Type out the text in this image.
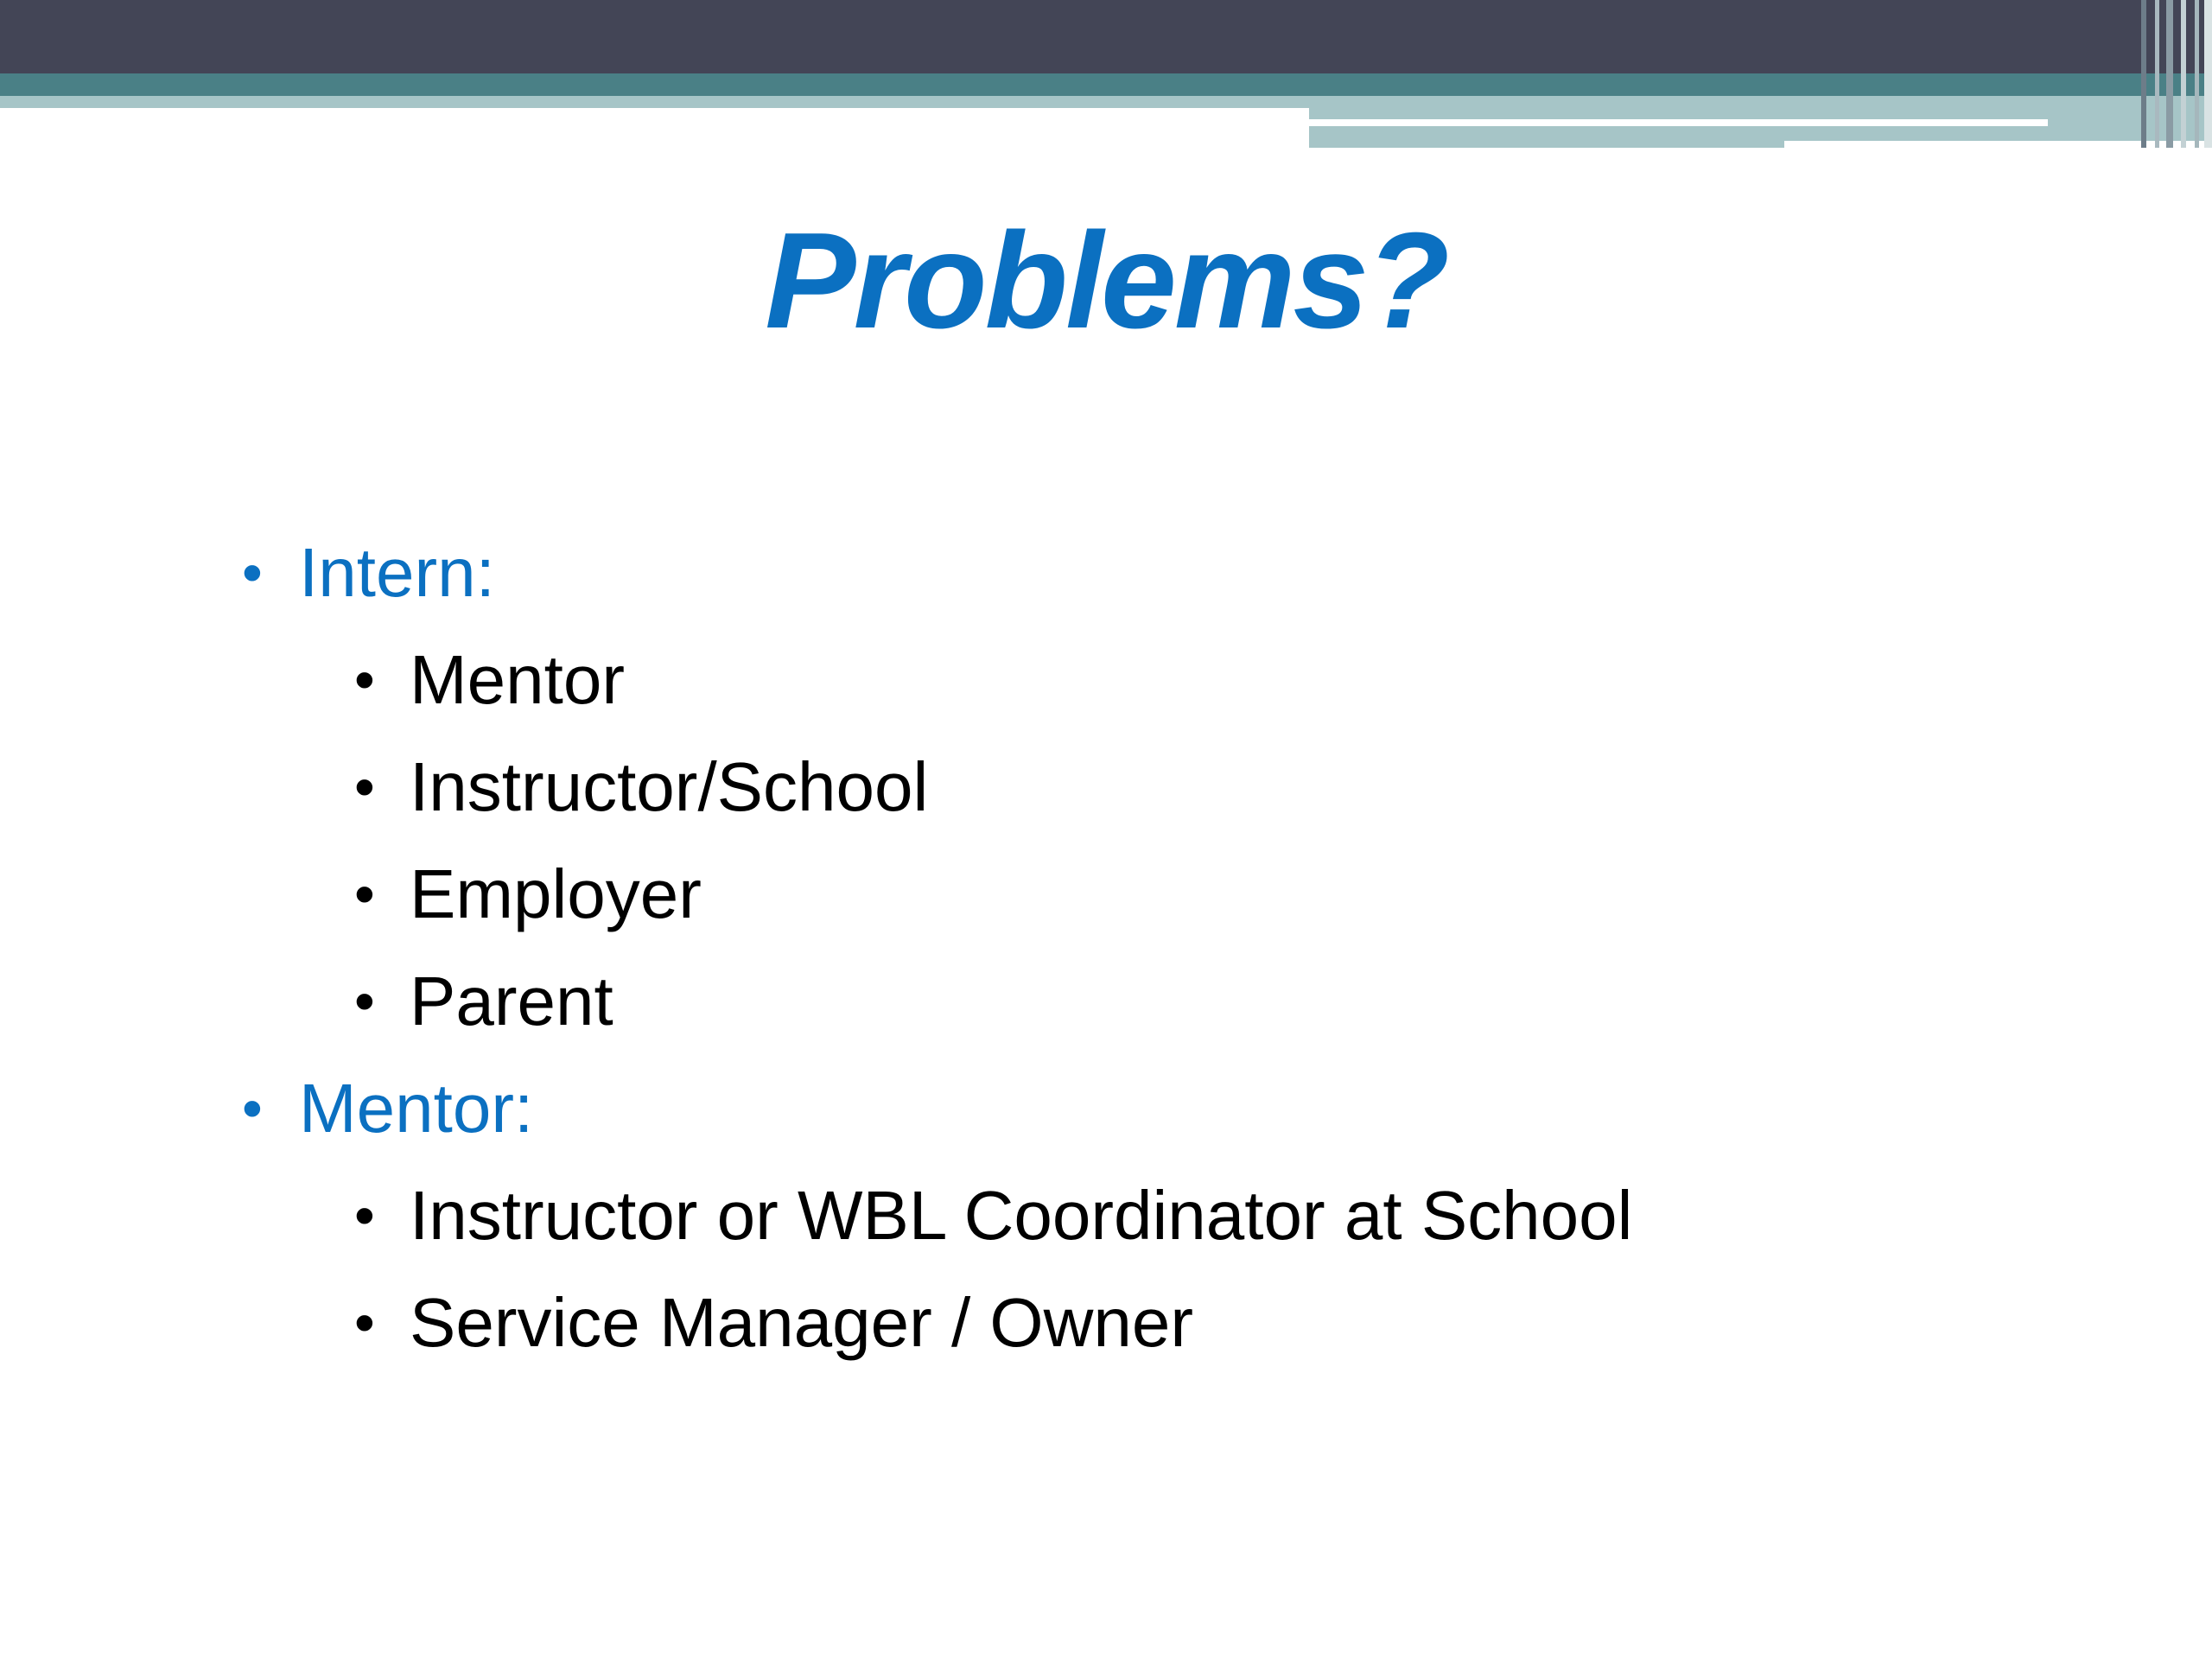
Problems?
• Intern:
• Mentor
• Instructor/School
• Employer
• Parent
• Mentor:
• Instructor or WBL Coordinator at School
• Service Manager / Owner
